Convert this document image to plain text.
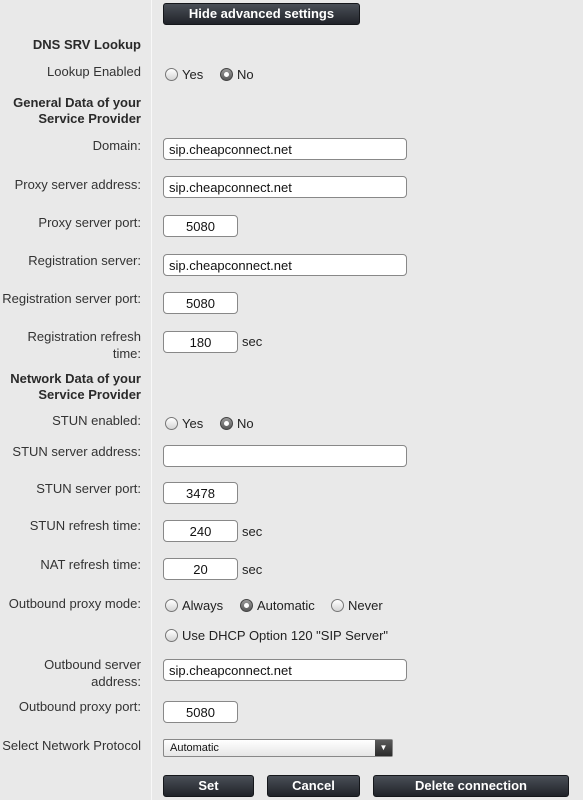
Hide advanced settings
DNS SRV Lookup
Lookup Enabled	Yes	No
General Data of your
Service Provider
Domain:
sip.cheapconnect.net
Proxy server address:
sip.cheapconnect.net
Proxy server port:
5080
Registration server:
sip.cheapconnect.net
Registration server port:
5080
Registration refresh
time:
180
sec
Network Data of your
Service Provider
STUN enabled:	Yes	No
STUN server address:
STUN server port:
3478
STUN refresh time:
240	sec
NAT refresh time:
20	sec
Outbound proxy mode:	Always	Automatic	Never
Use DHCP Option 120 "SIP Server"
Outbound server
address:
sip.cheapconnect.net
Outbound proxy port:
5080
Select Network Protocol	Automatic	▼
Set	Cancel	Delete connection
